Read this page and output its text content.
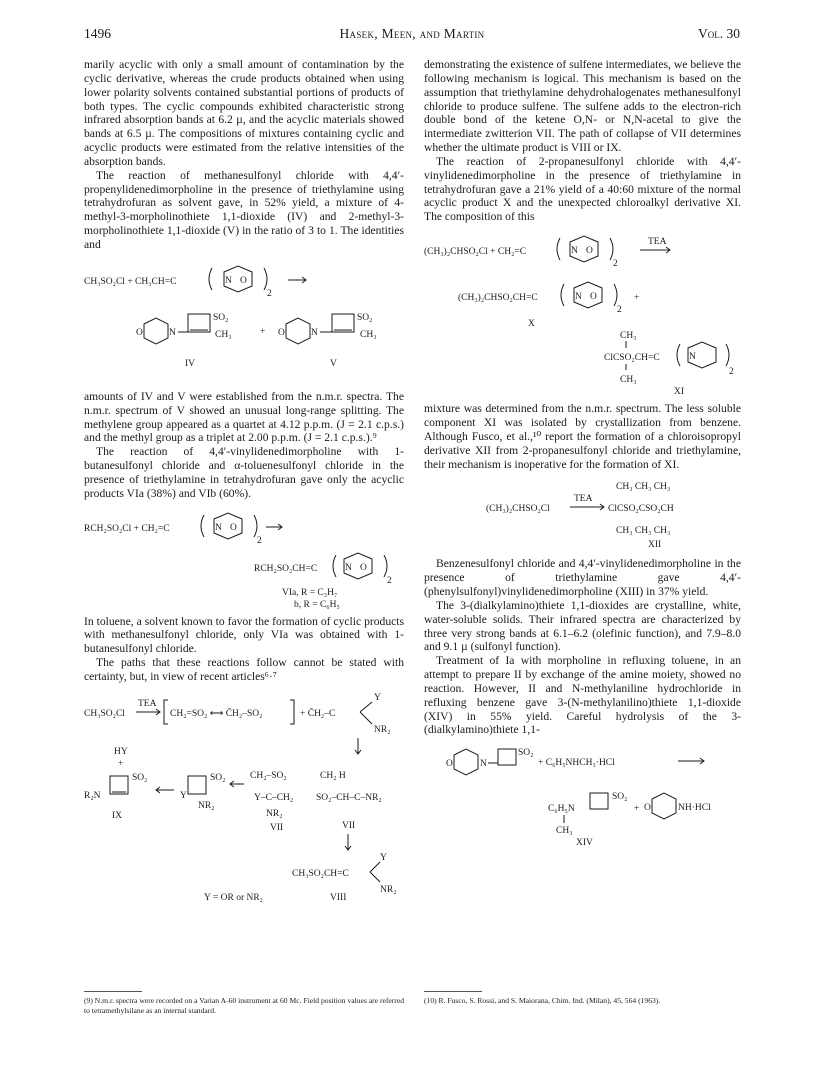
1496	Hasek, Meen, and Martin	Vol. 30

marily acyclic with only a small amount of contamination by the cyclic derivative, whereas the crude products obtained when using lower polarity solvents contained substantial portions of products of both types. The cyclic compounds exhibited characteristic strong infrared absorption bands at 6.2 µ, and the acyclic materials showed bands at 6.5 µ. The compositions of mixtures containing cyclic and acyclic products were estimated from the relative intensities of the absorption bands.

The reaction of methanesulfonyl chloride with 4,4′-propenylidenedimorpholine in the presence of triethylamine using tetrahydrofuran as solvent gave, in 52% yield, a mixture of 4-methyl-3-morpholinothiete 1,1-dioxide (IV) and 2-methyl-3-morpholinothiete 1,1-dioxide (V) in the ratio of 3 to 1. The identities and

CH₃SO₂Cl + CH₃CH=C	N O
2
O	N
SO₂
CH₃
IV
+ O	N
SO₂
CH₃
V

amounts of IV and V were established from the n.m.r. spectra. The n.m.r. spectrum of V showed an unusual long-range splitting. The methylene group appeared as a quartet at 4.12 p.p.m. (J = 2.1 c.p.s.) and the methyl group as a triplet at 2.00 p.p.m. (J = 2.1 c.p.s.).⁹

The reaction of 4,4′-vinylidenedimorpholine with 1-butanesulfonyl chloride and α-toluenesulfonyl chloride in the presence of triethylamine in tetrahydrofuran gave only the acyclic products VIa (38%) and VIb (60%).

RCH₂SO₂Cl + CH₂=C	N O
2
RCH₂SO₂CH=C	N O
2
VIa, R = C₃H₇
b, R = C₆H₅

In toluene, a solvent known to favor the formation of cyclic products with methanesulfonyl chloride, only VIa was obtained with 1-butanesulfonyl chloride.

The paths that these reactions follow cannot be stated with certainty, but, in view of recent articles⁶·⁷

CH₃SO₂Cl
TEA
CH₂=SO₂ ⟷ C̄H₂–SO₂	+ C̄H₂–C
Y
NR₂
HY
+
R₂N
SO₂
IX
Y
SO₂
NR₂
CH₂–SO₂
Y–C–CH₂
NR₂
VII
CH₂ H
SO₂–CH–C–NR₂
VII
CH₃SO₂CH=C
Y
NR₂
Y = OR or NR₂	VIII
(9) N.m.r. spectra were recorded on a Varian A-60 instrument at 60 Mc. Field position values are referred to tetramethylsilane as an internal standard.

demonstrating the existence of sulfene intermediates, we believe the following mechanism is logical. This mechanism is based on the assumption that triethylamine dehydrohalogenates methanesulfonyl chloride to produce sulfene. The sulfene adds to the electron-rich double bond of the ketene O,N- or N,N-acetal to give the intermediate zwitterion VII. The path of collapse of VII determines whether the ultimate product is VIII or IX.

The reaction of 2-propanesulfonyl chloride with 4,4′-vinylidenedimorpholine in the presence of triethylamine in tetrahydrofuran gave a 21% yield of a 40:60 mixture of the normal acyclic product X and the unexpected chloroalkyl derivative XI. The composition of this

(CH₃)₂CHSO₂Cl + CH₂=C	N O
2
TEA
(CH₃)₂CHSO₂CH=C	N O
2
+
X
CH₃
ClCSO₂CH=C
CH₃
N
2
XI

mixture was determined from the n.m.r. spectrum. The less soluble component XI was isolated by crystallization from benzene. Although Fusco, et al.,¹⁰ report the formation of a chloroisopropyl derivative XII from 2-propanesulfonyl chloride and triethylamine, their mechanism is inoperative for the formation of XI.

CH₃ CH₃ CH₃
TEA
(CH₃)₂CHSO₂Cl	ClCSO₂CSO₂CH
CH₃ CH₃ CH₃
XII

Benzenesulfonyl chloride and 4,4′-vinylidenedimorpholine in the presence of triethylamine gave 4,4′-(phenylsulfonyl)vinylidenedimorpholine (XIII) in 37% yield.

The 3-(dialkylamino)thiete 1,1-dioxides are crystalline, white, water-soluble solids. Their infrared spectra are characterized by three very strong bands at 6.1–6.2 (olefinic function), and 7.9–8.0 and 9.1 µ (sulfonyl function).

Treatment of Ia with morpholine in refluxing toluene, in an attempt to prepare II by exchange of the amine moiety, showed no reaction. However, II and N-methylaniline hydrochloride in refluxing benzene gave 3-(N-methylanilino)thiete 1,1-dioxide (XIV) in 55% yield. Careful hydrolysis of the 3-(dialkylamino)thiete 1,1-

O	N
SO₂
+ C₆H₅NHCH₃·HCl
C₆H₅N
SO₂
CH₃
+ O	NH·HCl
XIV
(10) R. Fusco, S. Rossi, and S. Maiorana, Chim. Ind. (Milan), 45, 564 (1963).
